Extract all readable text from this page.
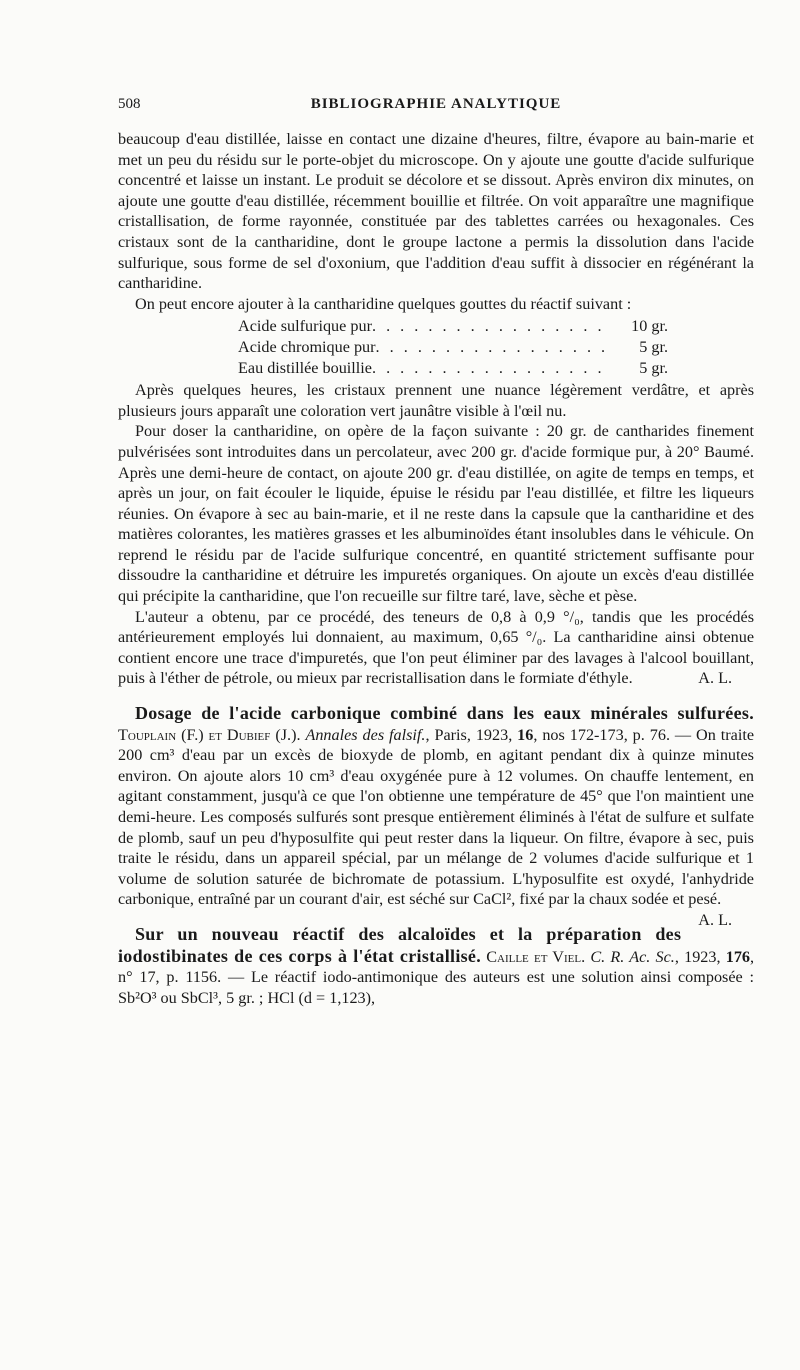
508	BIBLIOGRAPHIE ANALYTIQUE

beaucoup d'eau distillée, laisse en contact une dizaine d'heures, filtre, évapore au bain-marie et met un peu du résidu sur le porte-objet du microscope. On y ajoute une goutte d'acide sulfurique concentré et laisse un instant. Le produit se décolore et se dissout. Après environ dix minutes, on ajoute une goutte d'eau distillée, récemment bouillie et filtrée. On voit apparaître une magnifique cristallisation, de forme rayonnée, constituée par des tablettes carrées ou hexagonales. Ces cristaux sont de la cantharidine, dont le groupe lactone a permis la dissolution dans l'acide sulfurique, sous forme de sel d'oxonium, que l'addition d'eau suffit à dissocier en régénérant la cantharidine.

On peut encore ajouter à la cantharidine quelques gouttes du réactif suivant :

Acide sulfurique pur . . .	10 gr.
Acide chromique pur . . .	5 gr.
Eau distillée bouillie . . .	5 gr.

Après quelques heures, les cristaux prennent une nuance légèrement verdâtre, et après plusieurs jours apparaît une coloration vert jaunâtre visible à l'œil nu.

Pour doser la cantharidine, on opère de la façon suivante : 20 gr. de cantharides finement pulvérisées sont introduites dans un percolateur, avec 200 gr. d'acide formique pur, à 20° Baumé. Après une demi-heure de contact, on ajoute 200 gr. d'eau distillée, on agite de temps en temps, et après un jour, on fait écouler le liquide, épuise le résidu par l'eau distillée, et filtre les liqueurs réunies. On évapore à sec au bain-marie, et il ne reste dans la capsule que la cantharidine et des matières colorantes, les matières grasses et les albuminoïdes étant insolubles dans le véhicule. On reprend le résidu par de l'acide sulfurique concentré, en quantité strictement suffisante pour dissoudre la cantharidine et détruire les impuretés organiques. On ajoute un excès d'eau distillée qui précipite la cantharidine, que l'on recueille sur filtre taré, lave, sèche et pèse.

L'auteur a obtenu, par ce procédé, des teneurs de 0,8 à 0,9 °/₀, tandis que les procédés antérieurement employés lui donnaient, au maximum, 0,65 °/₀. La cantharidine ainsi obtenue contient encore une trace d'impuretés, que l'on peut éliminer par des lavages à l'alcool bouillant, puis à l'éther de pétrole, ou mieux par recristallisation dans le formiate d'éthyle.	A. L.

Dosage de l'acide carbonique combiné dans les eaux minérales sulfurées. Touplain (F.) et Dubief (J.). Annales des falsif., Paris, 1923, 16, nos 172-173, p. 76. — On traite 200 cm³ d'eau par un excès de bioxyde de plomb, en agitant pendant dix à quinze minutes environ. On ajoute alors 10 cm³ d'eau oxygénée pure à 12 volumes. On chauffe lentement, en agitant constamment, jusqu'à ce que l'on obtienne une température de 45° que l'on maintient une demi-heure. Les composés sulfurés sont presque entièrement éliminés à l'état de sulfure et sulfate de plomb, sauf un peu d'hyposulfite qui peut rester dans la liqueur. On filtre, évapore à sec, puis traite le résidu, dans un appareil spécial, par un mélange de 2 volumes d'acide sulfurique et 1 volume de solution saturée de bichromate de potassium. L'hyposulfite est oxydé, l'anhydride carbonique, entraîné par un courant d'air, est séché sur CaCl², fixé par la chaux sodée et pesé.
A. L.

Sur un nouveau réactif des alcaloïdes et la préparation des iodostibinates de ces corps à l'état cristallisé. Caille et Viel. C. R. Ac. Sc., 1923, 176, n° 17, p. 1156. — Le réactif iodo-antimonique des auteurs est une solution ainsi composée : Sb²O³ ou SbCl³, 5 gr. ; HCl (d = 1,123),
